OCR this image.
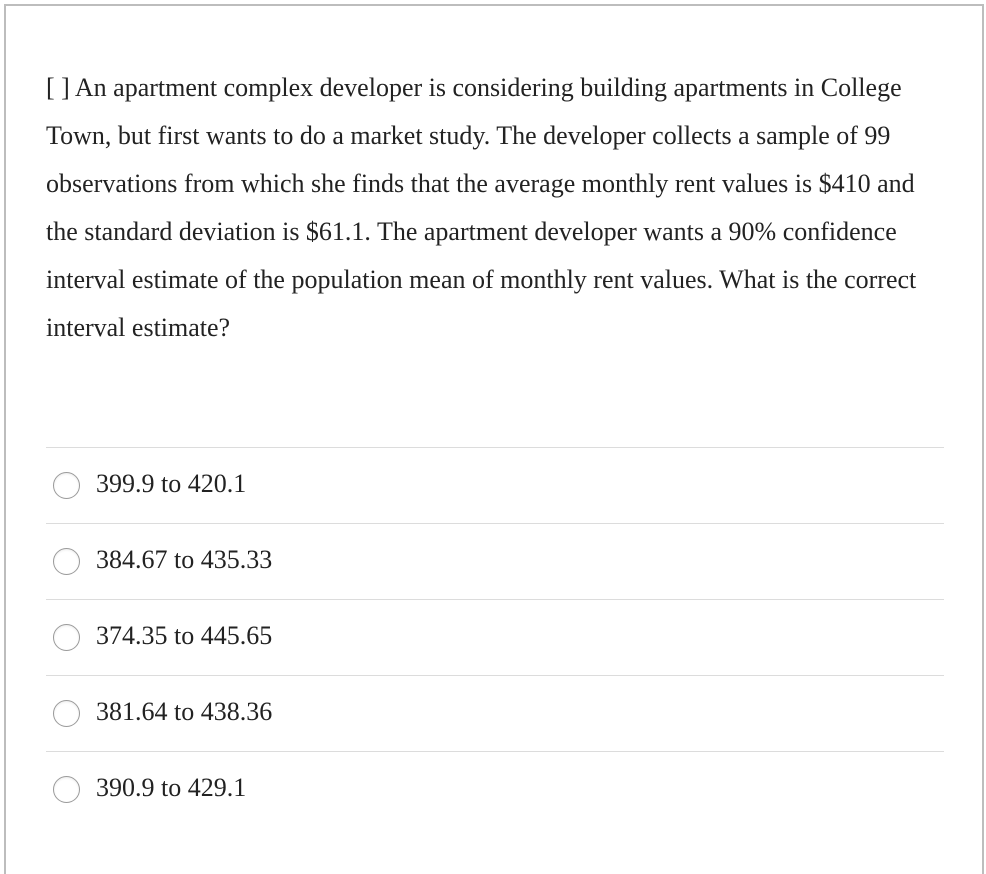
[ ] An apartment complex developer is considering building apartments in College Town, but first wants to do a market study. The developer collects a sample of 99 observations from which she finds that the average monthly rent values is $410 and the standard deviation is $61.1. The apartment developer wants a 90% confidence interval estimate of the population mean of monthly rent values. What is the correct interval estimate?

399.9 to 420.1
384.67 to 435.33
374.35 to 445.65
381.64 to 438.36
390.9 to 429.1
